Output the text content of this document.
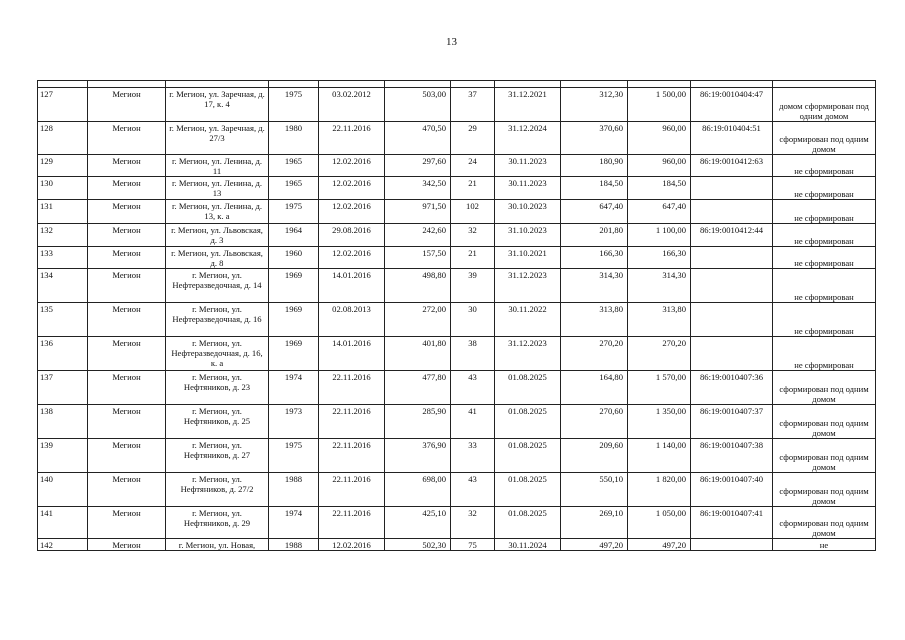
13

127	Мегион	г. Мегион, ул. Заречная, д. 17, к. 4	1975	03.02.2012	503,00	37	31.12.2021	312,30	1 500,00	86:19:0010404:47	домом сформирован под одним домом
128	Мегион	г. Мегион, ул. Заречная, д. 27/3	1980	22.11.2016	470,50	29	31.12.2024	370,60	960,00	86:19:010404:51	сформирован под одним домом
129	Мегион	г. Мегион, ул. Ленина, д. 11	1965	12.02.2016	297,60	24	30.11.2023	180,90	960,00	86:19:0010412:63	не сформирован
130	Мегион	г. Мегион, ул. Ленина, д. 13	1965	12.02.2016	342,50	21	30.11.2023	184,50	184,50		не сформирован
131	Мегион	г. Мегион, ул. Ленина, д. 13, к. а	1975	12.02.2016	971,50	102	30.10.2023	647,40	647,40		не сформирован
132	Мегион	г. Мегион, ул. Львовская, д. 3	1964	29.08.2016	242,60	32	31.10.2023	201,80	1 100,00	86:19:0010412:44	не сформирован
133	Мегион	г. Мегион, ул. Львовская, д. 8	1960	12.02.2016	157,50	21	31.10.2021	166,30	166,30		не сформирован
134	Мегион	г. Мегион, ул. Нефтеразведочная, д. 14	1969	14.01.2016	498,80	39	31.12.2023	314,30	314,30		не сформирован
135	Мегион	г. Мегион, ул. Нефтеразведочная, д. 16	1969	02.08.2013	272,00	30	30.11.2022	313,80	313,80		не сформирован
136	Мегион	г. Мегион, ул. Нефтеразведочная, д. 16, к. а	1969	14.01.2016	401,80	38	31.12.2023	270,20	270,20		не сформирован
137	Мегион	г. Мегион, ул. Нефтяников, д. 23	1974	22.11.2016	477,80	43	01.08.2025	164,80	1 570,00	86:19:0010407:36	сформирован под одним домом
138	Мегион	г. Мегион, ул. Нефтяников, д. 25	1973	22.11.2016	285,90	41	01.08.2025	270,60	1 350,00	86:19:0010407:37	сформирован под одним домом
139	Мегион	г. Мегион, ул. Нефтяников, д. 27	1975	22.11.2016	376,90	33	01.08.2025	209,60	1 140,00	86:19:0010407:38	сформирован под одним домом
140	Мегион	г. Мегион, ул. Нефтяников, д. 27/2	1988	22.11.2016	698,00	43	01.08.2025	550,10	1 820,00	86:19:0010407:40	сформирован под одним домом
141	Мегион	г. Мегион, ул. Нефтяников, д. 29	1974	22.11.2016	425,10	32	01.08.2025	269,10	1 050,00	86:19:0010407:41	сформирован под одним домом
142	Мегион	г. Мегион, ул. Новая,	1988	12.02.2016	502,30	75	30.11.2024	497,20	497,20		не
